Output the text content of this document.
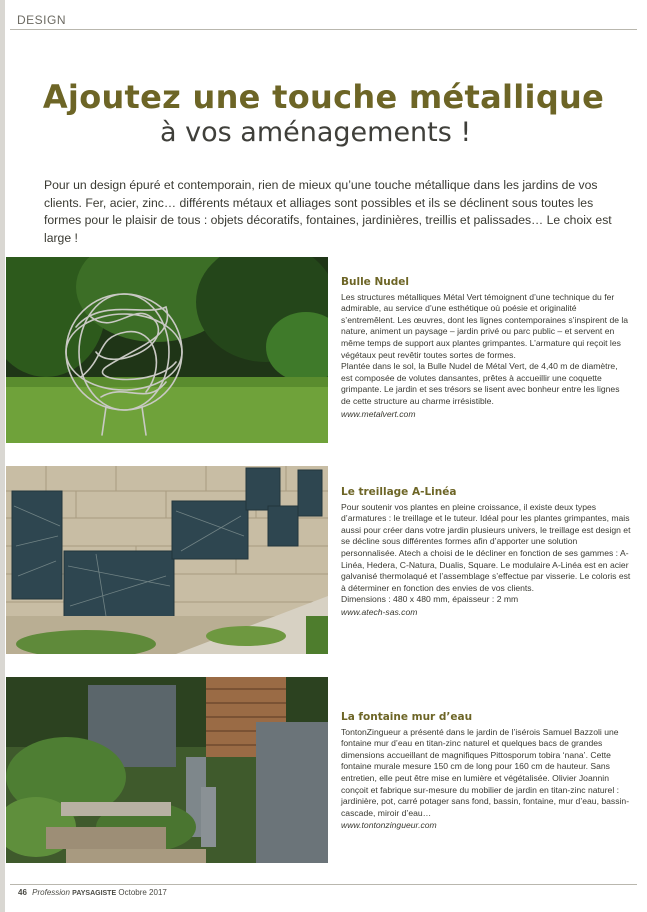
DESIGN
Ajoutez une touche métallique
à vos aménagements !
Pour un design épuré et contemporain, rien de mieux qu’une touche métallique dans les jardins de vos clients. Fer, acier, zinc… différents métaux et alliages sont possibles et ils se déclinent sous toutes les formes pour le plaisir de tous : objets décoratifs, fontaines, jardinières, treillis et palissades… Le choix est large !
Bulle Nudel

Les structures métalliques Métal Vert témoignent d’une technique du fer admirable, au service d’une esthétique où poésie et originalité s’entremêlent. Les œuvres, dont les lignes contemporaines s’inspirent de la nature, animent un paysage – jardin privé ou parc public – et servent en même temps de support aux plantes grimpantes. L’armature qui reçoit les végétaux peut revêtir toutes sortes de formes.

Plantée dans le sol, la Bulle Nudel de Métal Vert, de 4,40 m de diamètre, est composée de volutes dansantes, prêtes à accueillir une coquette grimpante. Le jardin et ses trésors se lisent avec bonheur entre les lignes de cette structure au charme irrésistible.

www.metalvert.com
Le treillage A-Linéa

Pour soutenir vos plantes en pleine croissance, il existe deux types d’armatures : le treillage et le tuteur. Idéal pour les plantes grimpantes, mais aussi pour créer dans votre jardin plusieurs univers, le treillage est design et se décline sous différentes formes afin d’apporter une solution personnalisée. Atech a choisi de le décliner en fonction de ses gammes : A-Linéa, Hedera, C-Natura, Dualis, Square. Le modulaire A-Linéa est en acier galvanisé thermolaqué et l’assemblage s’effectue par visserie. Le coloris est à déterminer en fonction des envies de vos clients.

Dimensions : 480 x 480 mm, épaisseur : 2 mm

www.atech-sas.com
La fontaine mur d’eau

TontonZingueur a présenté dans le jardin de l’isérois Samuel Bazzoli une fontaine mur d’eau en titan-zinc naturel et quelques bacs de grandes dimensions accueillant de magnifiques Pittosporum tobira ‘nana’. Cette fontaine murale mesure 150 cm de long pour 160 cm de hauteur. Sans entretien, elle peut être mise en lumière et végétalisée. Olivier Joannin conçoit et fabrique sur-mesure du mobilier de jardin en titan-zinc naturel : jardinière, pot, carré potager sans fond, bassin, fontaine, mur d’eau, bassin-cascade, miroir d’eau…

www.tontonzingueur.com
46 Profession PAYSAGISTE Octobre 2017
